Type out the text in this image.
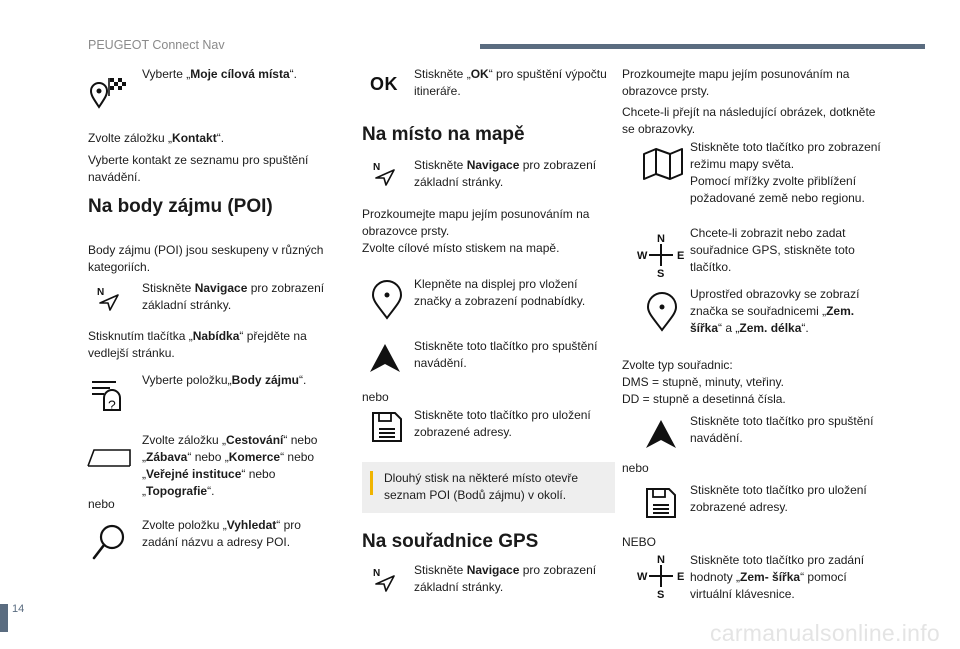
PEUGEOT Connect Nav
Vyberte „Moje cílová místa“.
Zvolte záložku „Kontakt“.
Vyberte kontakt ze seznamu pro spuštění navádění.
Na body zájmu (POI)
Body zájmu (POI) jsou seskupeny v různých kategoriích.
N	Stiskněte Navigace pro zobrazení základní stránky.
Stisknutím tlačítka „Nabídka“ přejděte na vedlejší stránku.
?
Vyberte položku„Body zájmu“.
Zvolte záložku „Cestování“ nebo „Zábava“ nebo „Komerce“ nebo „Veřejné instituce“ nebo „Topografie“.
nebo
Zvolte položku „Vyhledat“ pro zadání názvu a adresy POI.
OK Stiskněte „OK“ pro spuštění výpočtu itineráře.
Na místo na mapě
N	Stiskněte Navigace pro zobrazení základní stránky.
Prozkoumejte mapu jejím posunováním na obrazovce prsty.
Zvolte cílové místo stiskem na mapě.
Klepněte na displej pro vložení značky a zobrazení podnabídky.
Stiskněte toto tlačítko pro spuštění navádění.
nebo
Stiskněte toto tlačítko pro uložení zobrazené adresy.
Dlouhý stisk na některé místo otevře seznam POI (Bodů zájmu) v okolí.
Na souřadnice GPS
N	Stiskněte Navigace pro zobrazení základní stránky.
Prozkoumejte mapu jejím posunováním na obrazovce prsty.
Chcete-li přejít na následující obrázek, dotkněte se obrazovky.
Stiskněte toto tlačítko pro zobrazení režimu mapy světa.
Pomocí mřížky zvolte přiblížení požadované země nebo regionu.
N
S
W	E
Chcete-li zobrazit nebo zadat souřadnice GPS, stiskněte toto tlačítko.
Uprostřed obrazovky se zobrazí značka se souřadnicemi „Zem. šířka“ a „Zem. délka“.
Zvolte typ souřadnic:
DMS = stupně, minuty, vteřiny.
DD = stupně a desetinná čísla.
Stiskněte toto tlačítko pro spuštění navádění.
nebo
Stiskněte toto tlačítko pro uložení zobrazené adresy.
NEBO
N
S
W	E
Stiskněte toto tlačítko pro zadání hodnoty „Zem- šířka“ pomocí virtuální klávesnice.
14
carmanualsonline.info
